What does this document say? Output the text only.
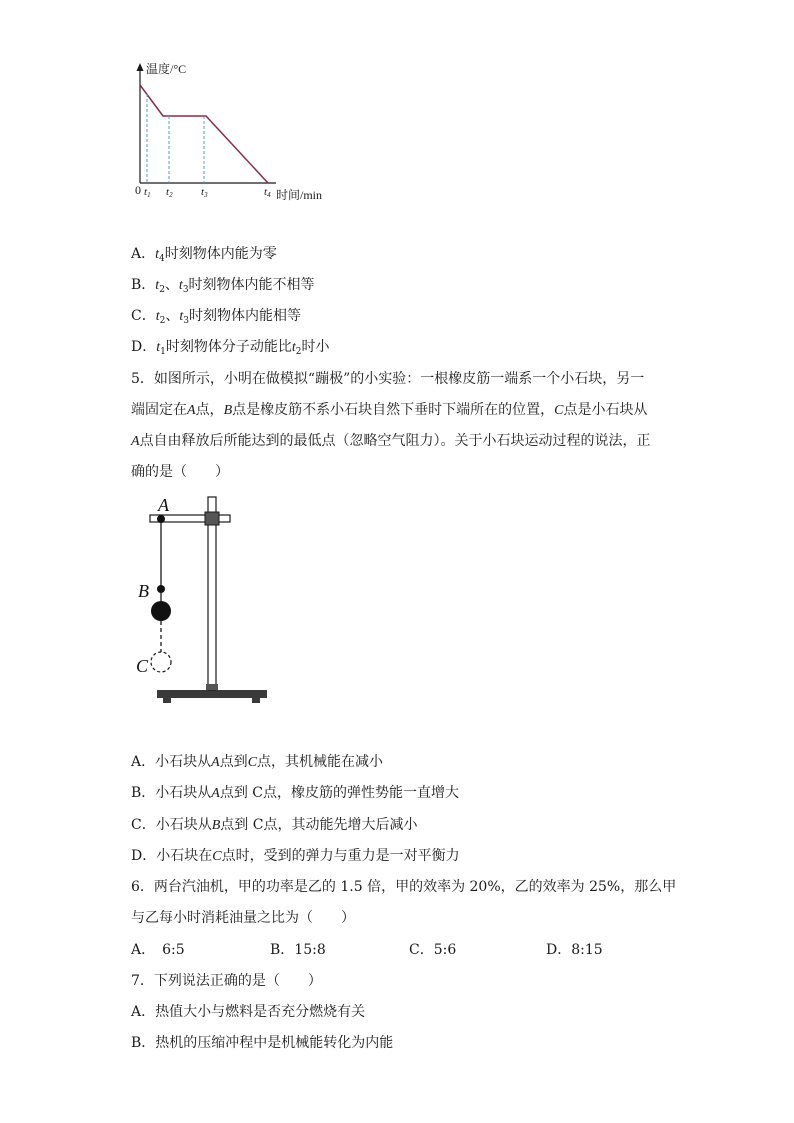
温度/°C
0 t1 t2	t3	t4 时间/min
A．$t_4$时刻物体内能为零
B．$t_2$、$t_3$时刻物体内能不相等
C．$t_2$、$t_3$时刻物体内能相等
D．$t_1$时刻物体分子动能比$t_2$时小
5．如图所示，小明在做模拟“蹦极”的小实验：一根橡皮筋一端系一个小石块，另一
端固定在A点，B点是橡皮筋不系小石块自然下垂时下端所在的位置，C点是小石块从
A点自由释放后所能达到的最低点（忽略空气阻力）。关于小石块运动过程的说法，正
确的是（　　）
A
B
C
A．小石块从A点到C点，其机械能在减小
B．小石块从A点到 C点，橡皮筋的弹性势能一直增大
C．小石块从B点到 C点，其动能先增大后减小
D．小石块在C点时，受到的弹力与重力是一对平衡力
6．两台汽油机，甲的功率是乙的 1.5 倍，甲的效率为 20%，乙的效率为 25%，那么甲
与乙每小时消耗油量之比为（　　）
A．　6:5	B．15:8	C．5:6	D．8:15
7．下列说法正确的是（　　）
A．热值大小与燃料是否充分燃烧有关
B．热机的压缩冲程中是机械能转化为内能
